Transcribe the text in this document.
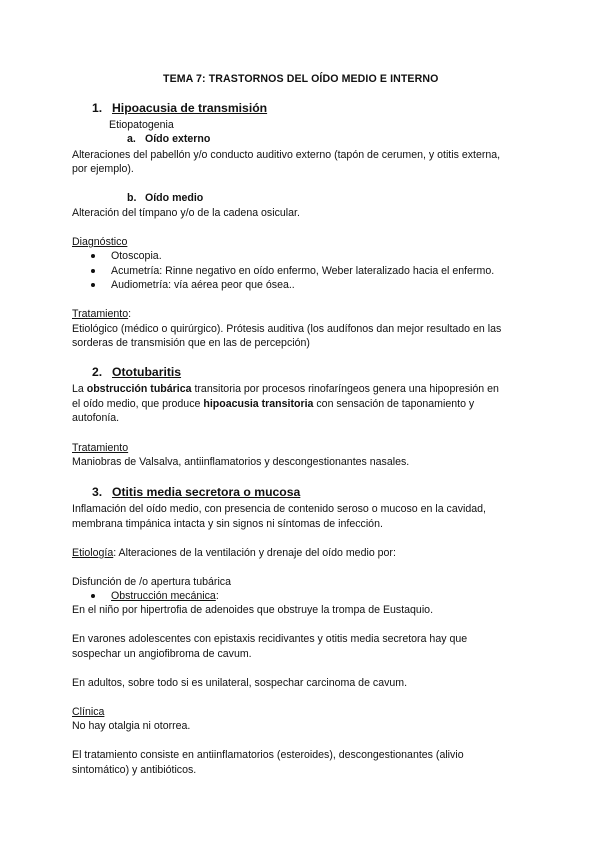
TEMA 7: TRASTORNOS DEL OÍDO MEDIO E INTERNO
1. Hipoacusia de transmisión
Etiopatogenia
a. Oído externo
Alteraciones del pabellón y/o conducto auditivo externo (tapón de cerumen, y otitis externa,
por ejemplo).
b. Oído medio
Alteración del tímpano y/o de la cadena osicular.
Diagnóstico
Otoscopia.
Acumetría: Rinne negativo en oído enfermo, Weber lateralizado hacia el enfermo.
Audiometría: vía aérea peor que ósea..
Tratamiento:
Etiológico (médico o quirúrgico). Prótesis auditiva (los audífonos dan mejor resultado en las
sorderas de transmisión que en las de percepción)
2. Ototubaritis
La obstrucción tubárica transitoria por procesos rinofaríngeos genera una hipopresión en
el oído medio, que produce hipoacusia transitoria con sensación de taponamiento y
autofonía.
Tratamiento
Maniobras de Valsalva, antiinflamatorios y descongestionantes nasales.
3. Otitis media secretora o mucosa
Inflamación del oído medio, con presencia de contenido seroso o mucoso en la cavidad,
membrana timpánica intacta y sin signos ni síntomas de infección.
Etiología: Alteraciones de la ventilación y drenaje del oído medio por:
Disfunción de /o apertura tubárica
Obstrucción mecánica:
En el niño por hipertrofia de adenoides que obstruye la trompa de Eustaquio.
En varones adolescentes con epistaxis recidivantes y otitis media secretora hay que
sospechar un angiofibroma de cavum.
En adultos, sobre todo si es unilateral, sospechar carcinoma de cavum.
Clínica
No hay otalgia ni otorrea.
El tratamiento consiste en antiinflamatorios (esteroides), descongestionantes (alivio
sintomático) y antibióticos.
